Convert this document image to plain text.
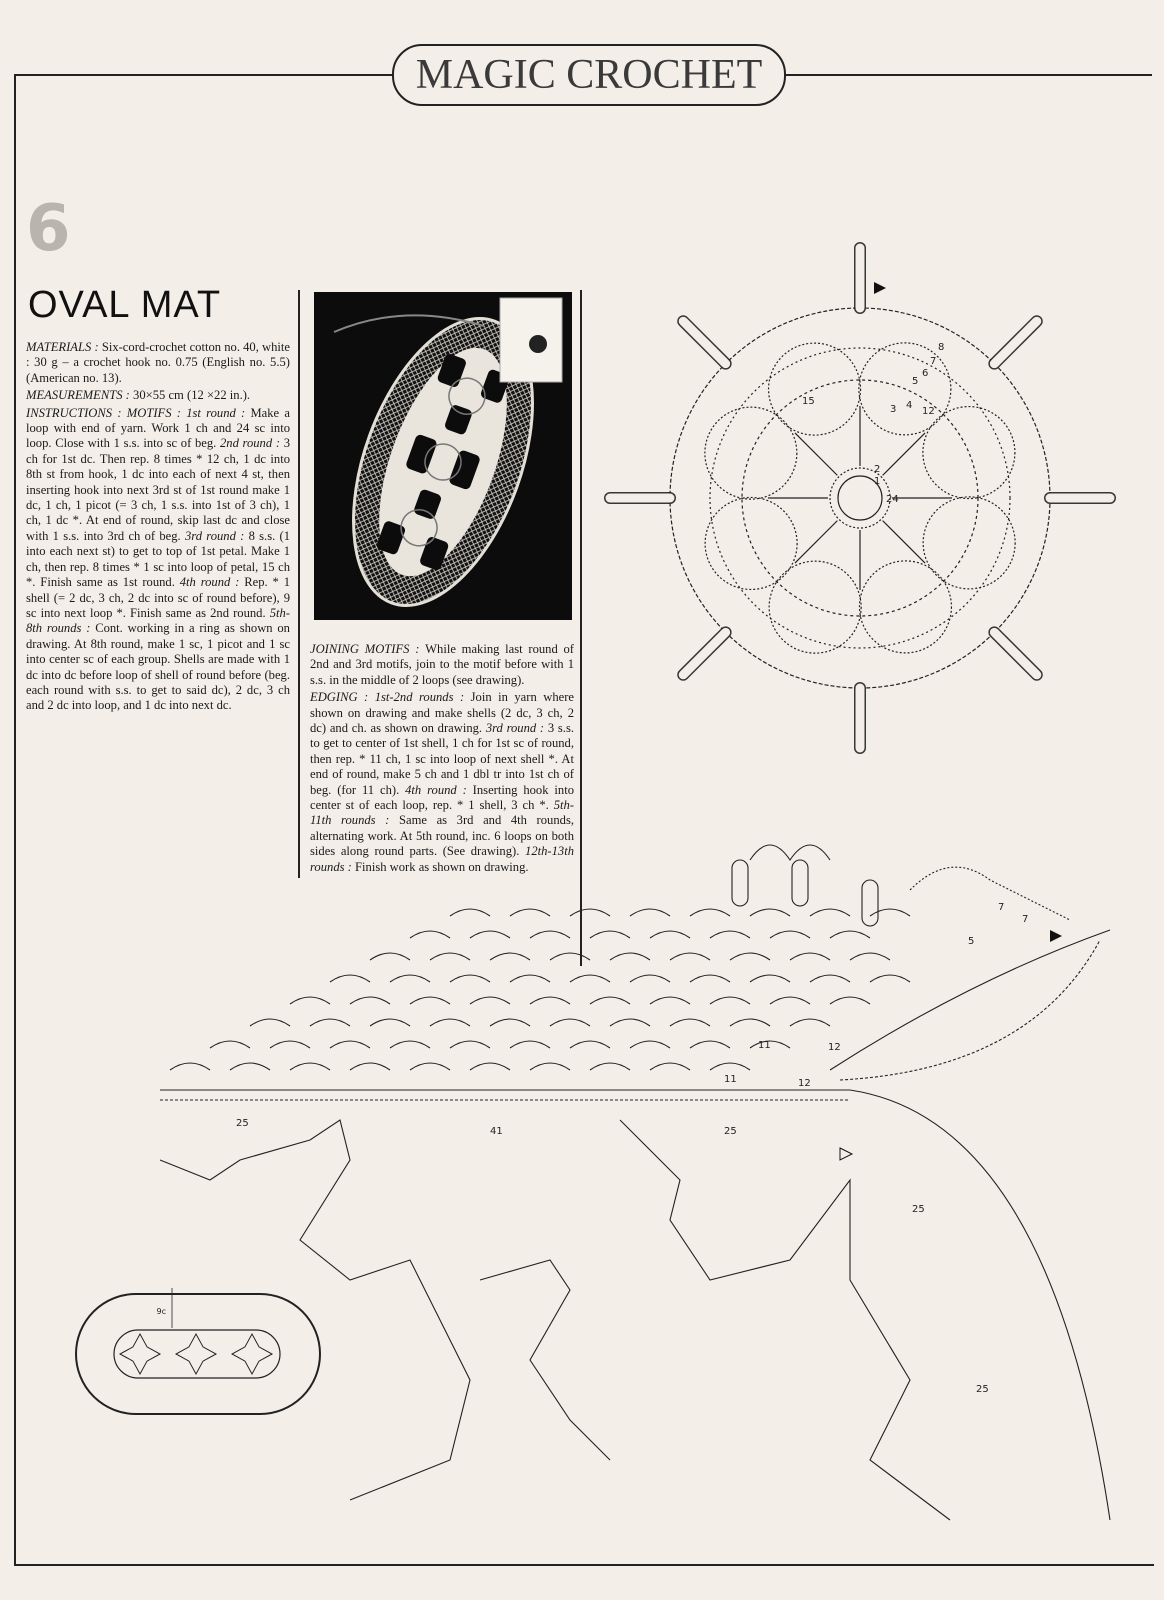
MAGIC CROCHET
6
OVAL MAT

MATERIALS : Six-cord-crochet cotton no. 40, white : 30 g – a crochet hook no. 0.75 (English no. 5.5) (American no. 13).

MEASUREMENTS : 30×55 cm (12 ×22 in.).

INSTRUCTIONS : MOTIFS : 1st round : Make a loop with end of yarn. Work 1 ch and 24 sc into loop. Close with 1 s.s. into sc of beg. 2nd round : 3 ch for 1st dc. Then rep. 8 times * 12 ch, 1 dc into 8th st from hook, 1 dc into each of next 4 st, then inserting hook into next 3rd st of 1st round make 1 dc, 1 ch, 1 picot (= 3 ch, 1 s.s. into 1st of 3 ch), 1 ch, 1 dc *. At end of round, skip last dc and close with 1 s.s. into 3rd ch of beg. 3rd round : 8 s.s. (1 into each next st) to get to top of 1st petal. Make 1 ch, then rep. 8 times * 1 sc into loop of petal, 15 ch *. Finish same as 1st round. 4th round : Rep. * 1 shell (= 2 dc, 3 ch, 2 dc into sc of round before), 9 sc into next loop *. Finish same as 2nd round. 5th-8th rounds : Cont. working in a ring as shown on drawing. At 8th round, make 1 sc, 1 picot and 1 sc into center sc of each group. Shells are made with 1 dc into dc before loop of shell of round before (beg. each round with s.s. to get to said dc), 2 dc, 3 ch and 2 dc into loop, and 1 dc into next dc.

JOINING MOTIFS : While making last round of 2nd and 3rd motifs, join to the motif before with 1 s.s. in the middle of 2 loops (see drawing).

EDGING : 1st-2nd rounds : Join in yarn where shown on drawing and make shells (2 dc, 3 ch, 2 dc) and ch. as shown on drawing. 3rd round : 3 s.s. to get to center of 1st shell, 1 ch for 1st sc of round, then rep. * 11 ch, 1 sc into loop of next shell *. At end of round, make 5 ch and 1 dbl tr into 1st ch of beg. (for 11 ch). 4th round : Inserting hook into center st of each loop, rep. * 1 shell, 3 ch *. 5th-11th rounds : Same as 3rd and 4th rounds, alternating work. At 5th round, inc. 6 loops on both sides along round parts. (See drawing). 12th-13th rounds : Finish work as shown on drawing.

24
15
12
1
2
3 4
5
6
7
8
25
41	25
11	12
11	12
25
25
7
7
5
9c
